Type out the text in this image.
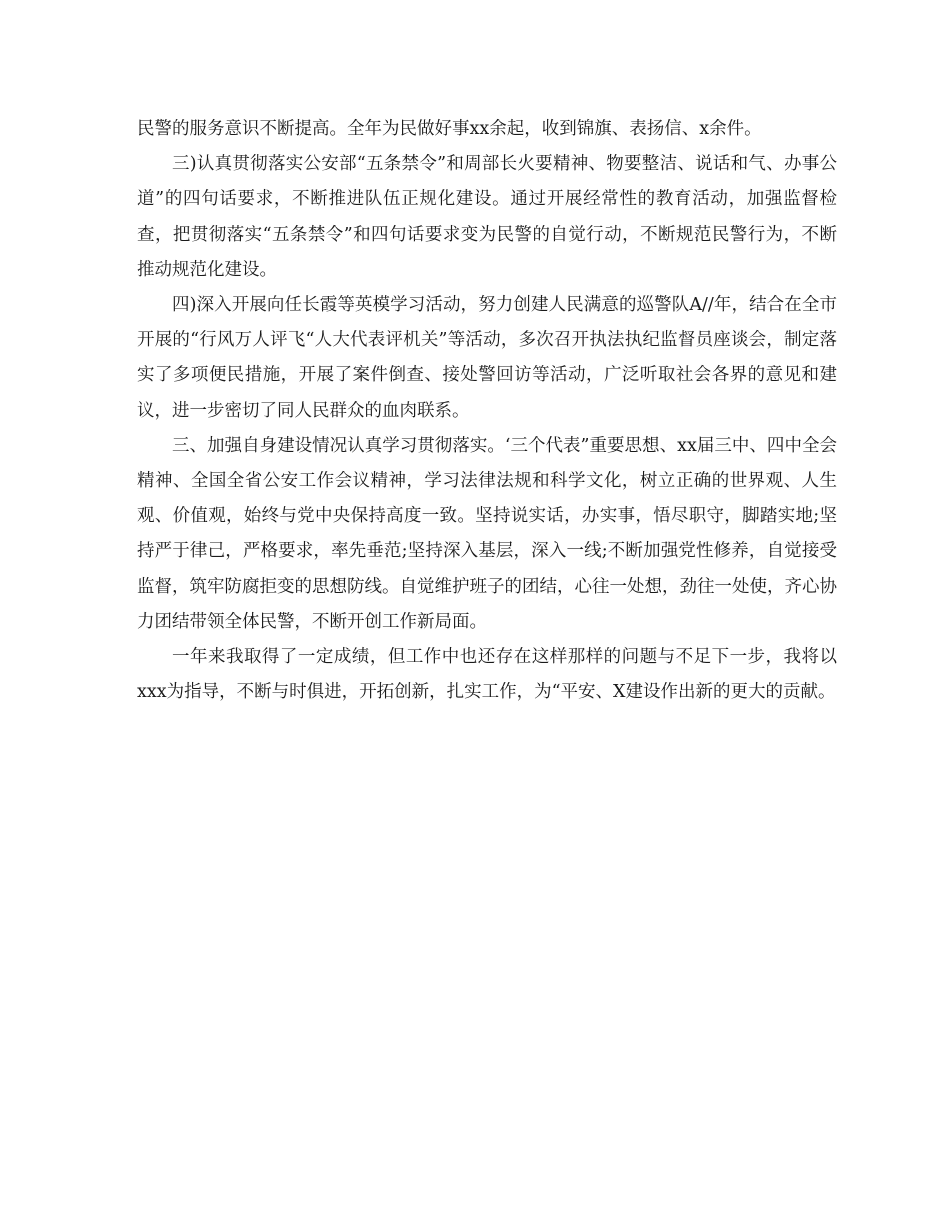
民警的服务意识不断提高。全年为民做好事xx余起，收到锦旗、表扬信、x余件。

三)认真贯彻落实公安部“五条禁令”和周部长火要精神、物要整洁、说话和气、办事公道”的四句话要求，不断推进队伍正规化建设。通过开展经常性的教育活动，加强监督检查，把贯彻落实“五条禁令”和四句话要求变为民警的自觉行动，不断规范民警行为，不断推动规范化建设。

四)深入开展向任长霞等英模学习活动，努力创建人民满意的巡警队A//年，结合在全市开展的“行风万人评飞“人大代表评机关”等活动，多次召开执法执纪监督员座谈会，制定落实了多项便民措施，开展了案件倒查、接处警回访等活动，广泛听取社会各界的意见和建议，进一步密切了同人民群众的血肉联系。

三、加强自身建设情况认真学习贯彻落实。‘三个代表”重要思想、xx届三中、四中全会精神、全国全省公安工作会议精神，学习法律法规和科学文化，树立正确的世界观、人生观、价值观，始终与党中央保持高度一致。坚持说实话，办实事，悟尽职守，脚踏实地;坚持严于律己，严格要求，率先垂范;坚持深入基层，深入一线;不断加强党性修养，自觉接受监督，筑牢防腐拒变的思想防线。自觉维护班子的团结，心往一处想，劲往一处使，齐心协力团结带领全体民警，不断开创工作新局面。

一年来我取得了一定成绩，但工作中也还存在这样那样的问题与不足下一步，我将以xxx为指导，不断与时俱进，开拓创新，扎实工作，为“平安、X建设作出新的更大的贡献。
